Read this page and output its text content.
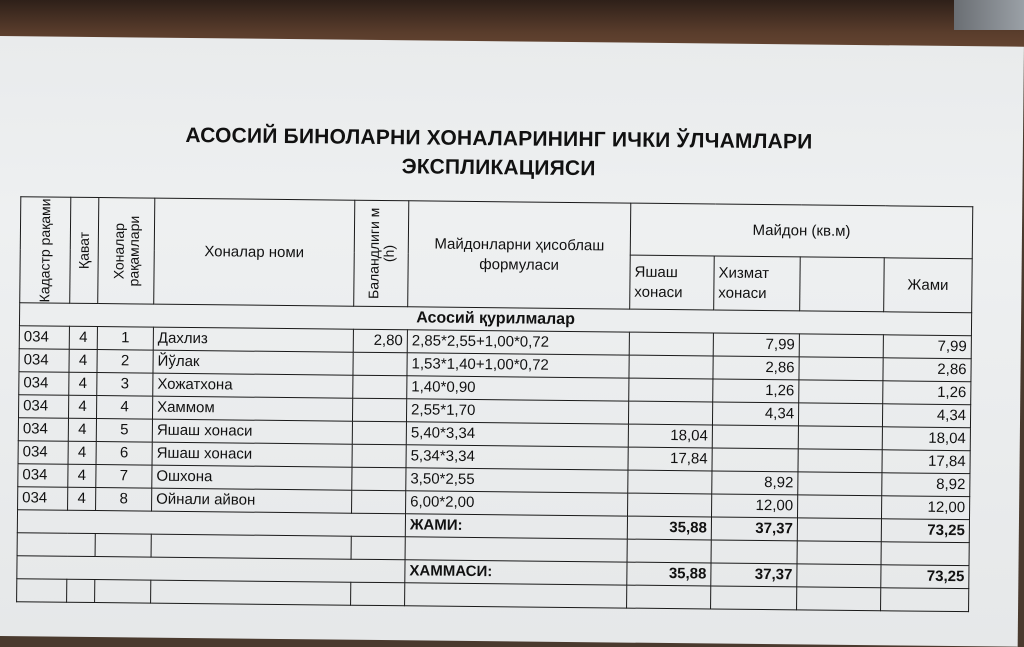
АСОСИЙ БИНОЛАРНИ ХОНАЛАРИНИНГ ИЧКИ ЎЛЧАМЛАРИ
ЭКСПЛИКАЦИЯСИ
Кадастр рақами	Қават	Хоналар рақамлари	Хоналар номи	Баландлиги м (h)	Майдонларни ҳисоблаш формуласи	Майдон (кв.м)			
						Яшаш хонаси	Хизмат хонаси		Жами
Асосий қурилмалар									
034	4	1	Дахлиз	2,80	2,85*2,55+1,00*0,72		7,99		7,99
034	4	2	Йўлак		1,53*1,40+1,00*0,72		2,86		2,86
034	4	3	Хожатхона		1,40*0,90		1,26		1,26
034	4	4	Хаммом		2,55*1,70		4,34		4,34
034	4	5	Яшаш хонаси		5,40*3,34	18,04			18,04
034	4	6	Яшаш хонаси		5,34*3,34	17,84			17,84
034	4	7	Ошхона		3,50*2,55		8,92		8,92
034	4	8	Ойнали айвон		6,00*2,00		12,00		12,00
					ЖАМИ:	35,88	37,37		73,25

					ХАММАСИ:	35,88	37,37		73,25
